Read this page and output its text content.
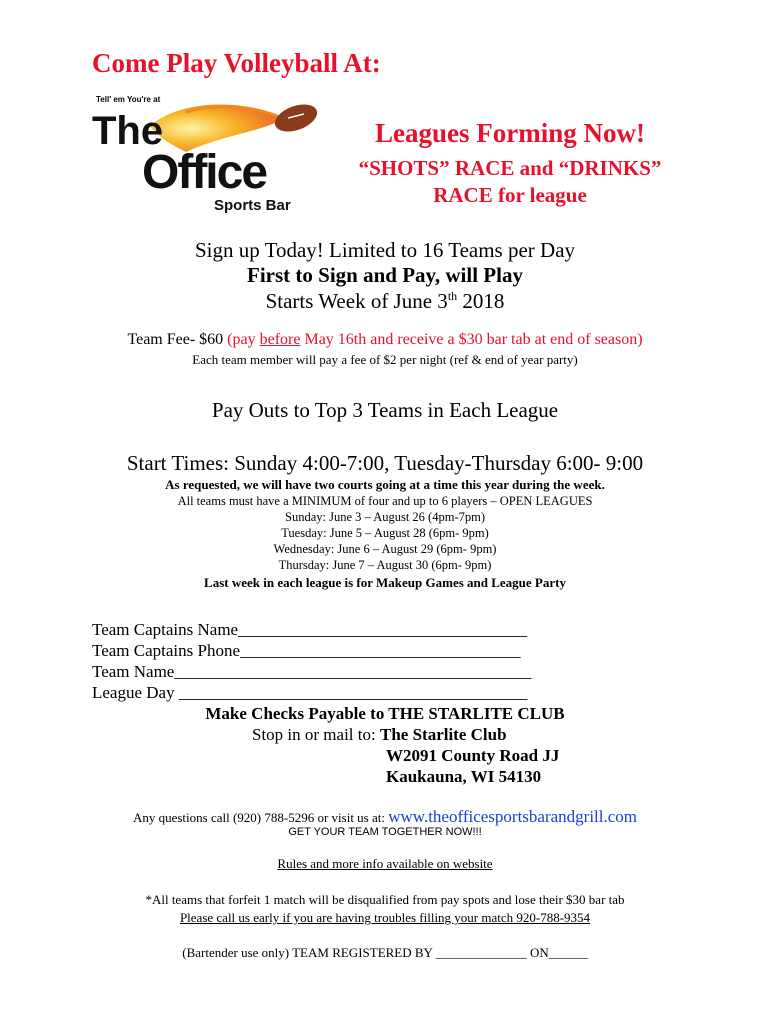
Come Play Volleyball At:
Tell' em You're at
The
Office
Sports Bar
Leagues Forming Now!
“SHOTS” RACE and “DRINKS”
RACE for league
Sign up Today! Limited to 16 Teams per Day
First to Sign and Pay, will Play
Starts Week of June 3th 2018
Team Fee- $60 (pay before May 16th and receive a $30 bar tab at end of season)
Each team member will pay a fee of $2 per night (ref & end of year party)
Pay Outs to Top 3 Teams in Each League
Start Times: Sunday 4:00-7:00, Tuesday-Thursday 6:00- 9:00
As requested, we will have two courts going at a time this year during the week.
All teams must have a MINIMUM of four and up to 6 players – OPEN LEAGUES
Sunday: June 3 – August 26 (4pm-7pm)
Tuesday: June 5 – August 28 (6pm- 9pm)
Wednesday: June 6 – August 29 (6pm- 9pm)
Thursday: June 7 – August 30 (6pm- 9pm)
Last week in each league is for Makeup Games and League Party
Team Captains Name__________________________________
Team Captains Phone_________________________________
Team Name__________________________________________
League Day _________________________________________
Make Checks Payable to THE STARLITE CLUB
Stop in or mail to: The Starlite Club
W2091 County Road JJ
Kaukauna, WI 54130
Any questions call (920) 788-5296 or visit us at: www.theofficesportsbarandgrill.com
GET YOUR TEAM TOGETHER NOW!!!
Rules and more info available on website
*All teams that forfeit 1 match will be disqualified from pay spots and lose their $30 bar tab
Please call us early if you are having troubles filling your match 920-788-9354
(Bartender use only) TEAM REGISTERED BY ______________ ON______
